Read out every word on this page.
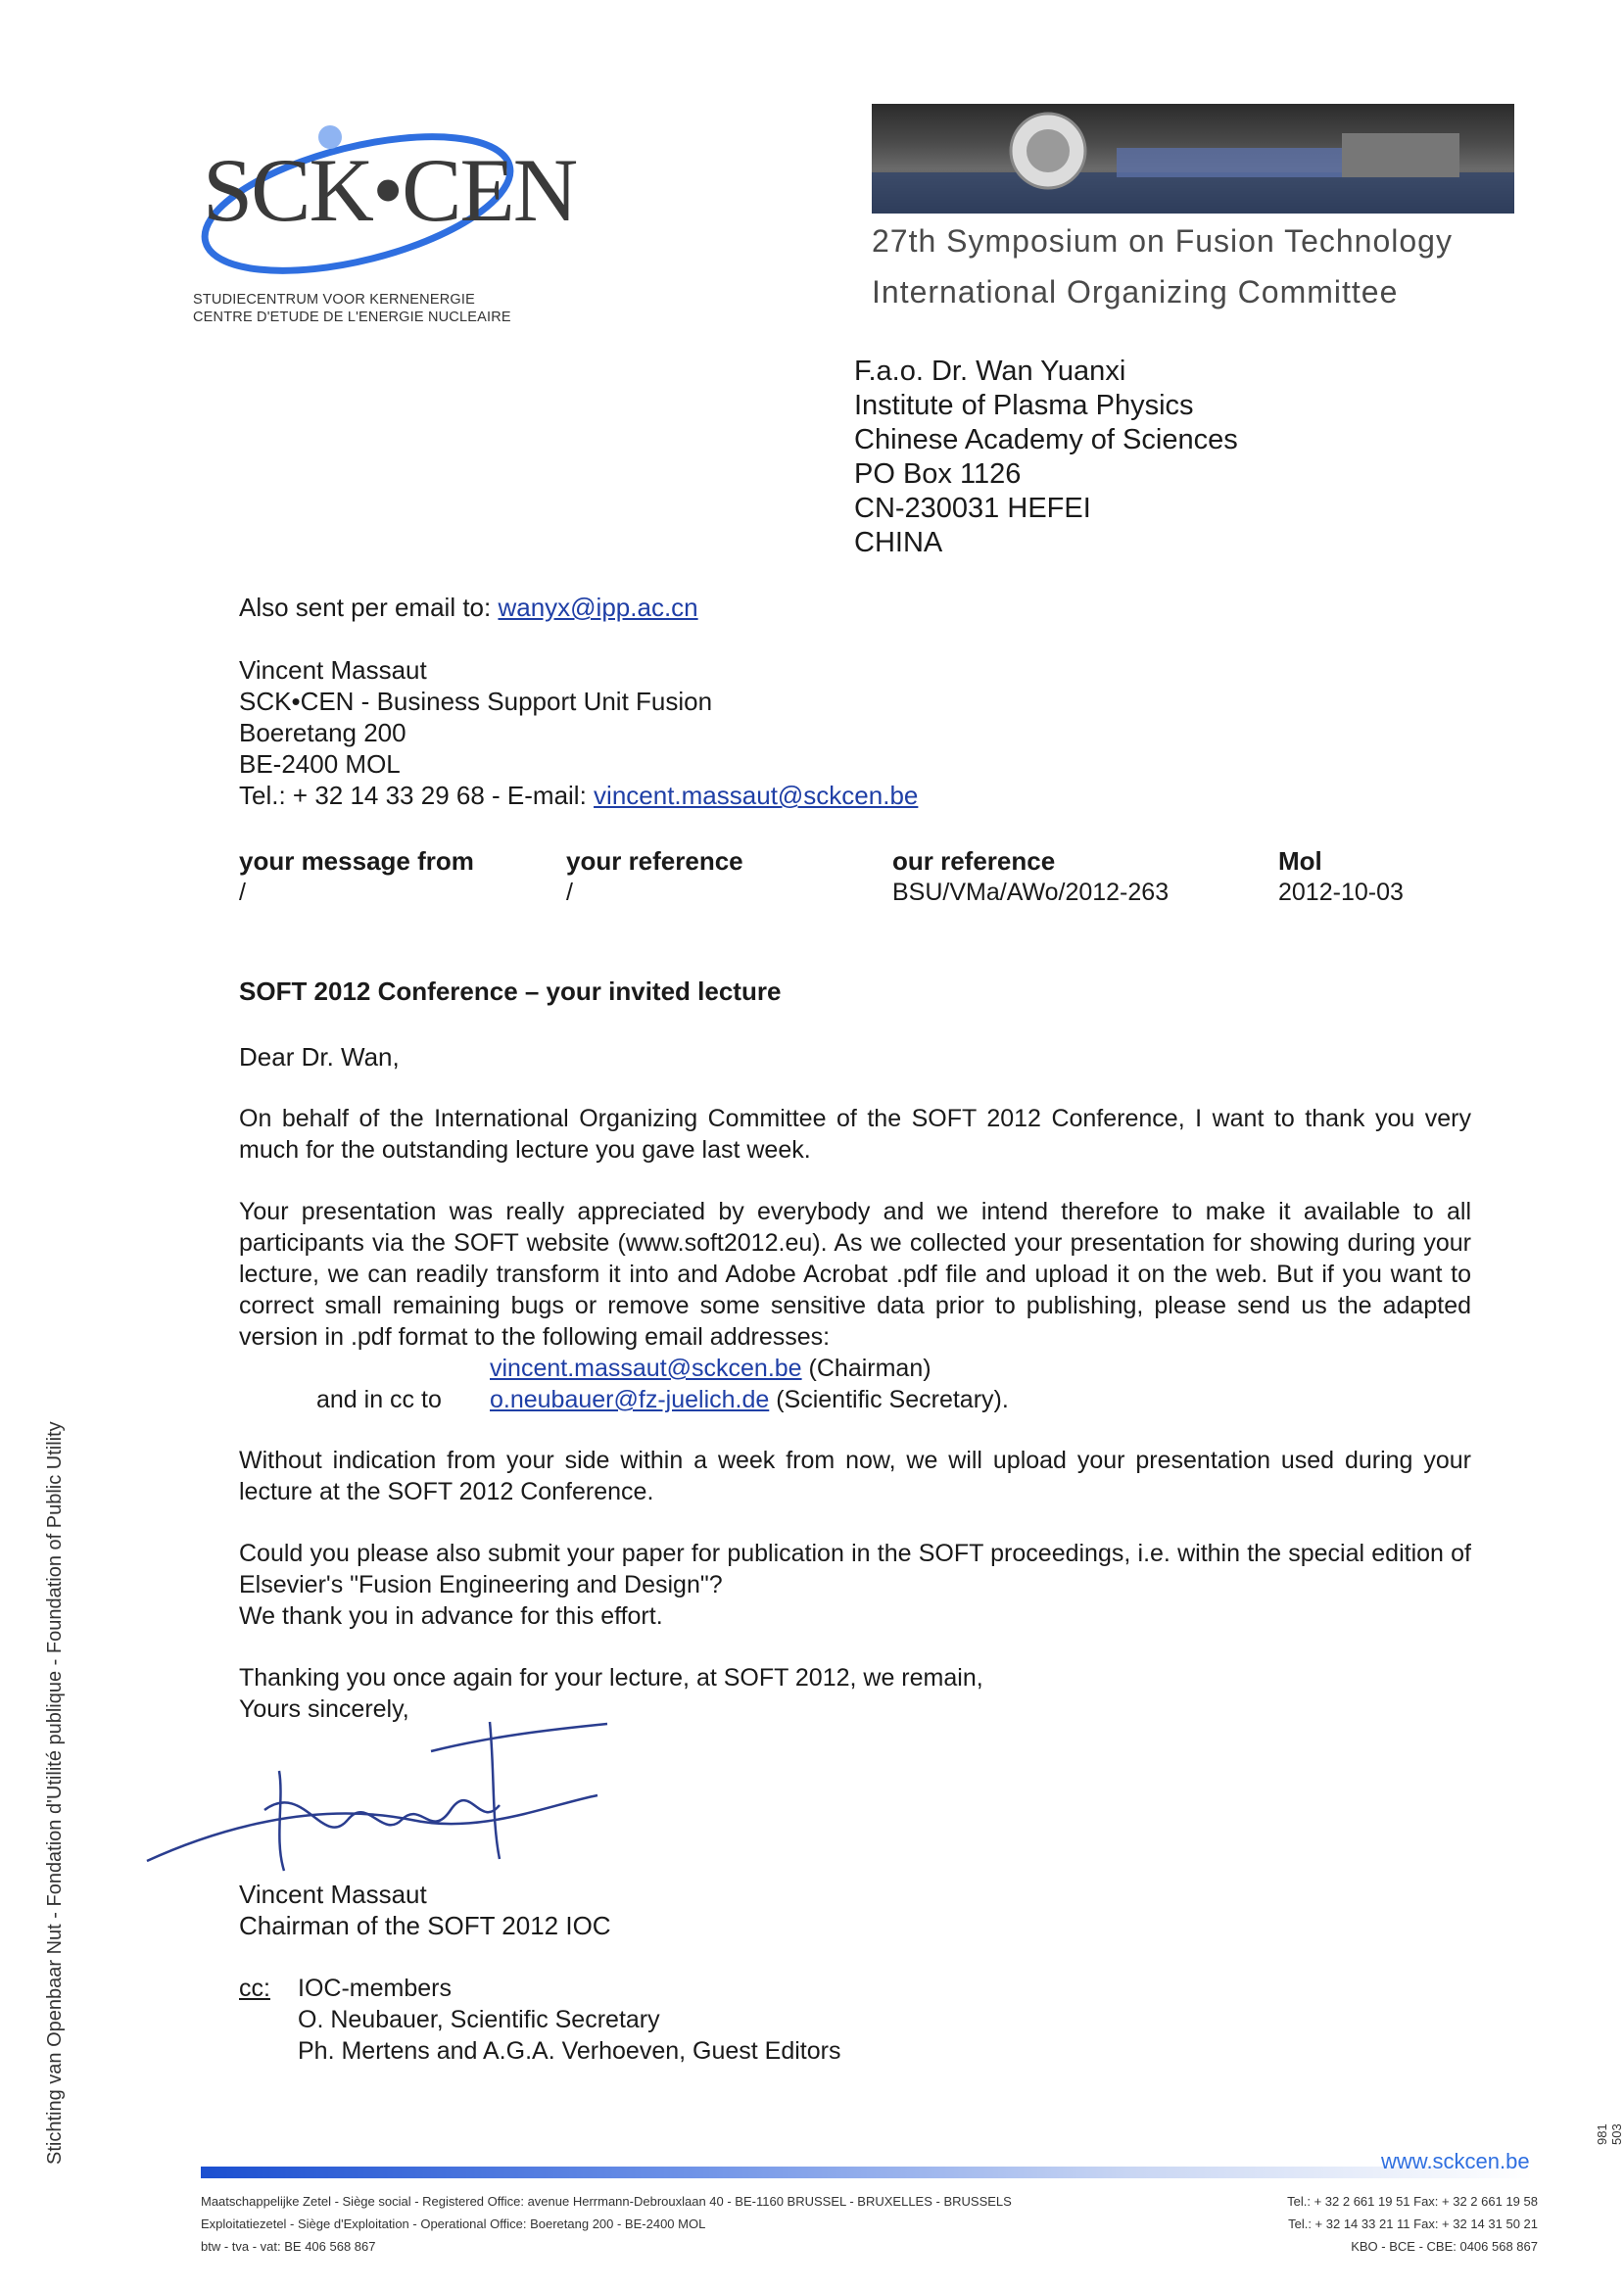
SCK•CEN
STUDIECENTRUM VOOR KERNENERGIE
CENTRE D'ETUDE DE L'ENERGIE NUCLEAIRE
27th Symposium on Fusion Technology
International Organizing Committee
F.a.o. Dr. Wan Yuanxi
Institute of Plasma Physics
Chinese Academy of Sciences
PO Box 1126
CN-230031 HEFEI
CHINA
Also sent per email to: wanyx@ipp.ac.cn
Vincent Massaut
SCK•CEN - Business Support Unit Fusion
Boeretang 200
BE-2400 MOL
Tel.: + 32 14 33 29 68 - E-mail: vincent.massaut@sckcen.be
your message from
/
your reference
/
our reference
BSU/VMa/AWo/2012-263
Mol
2012-10-03
SOFT 2012 Conference – your invited lecture
Dear Dr. Wan,
On behalf of the International Organizing Committee of the SOFT 2012 Conference, I want to thank you very much for the outstanding lecture you gave last week.
Your presentation was really appreciated by everybody and we intend therefore to make it available to all participants via the SOFT website (www.soft2012.eu). As we collected your presentation for showing during your lecture, we can readily transform it into and Adobe Acrobat .pdf file and upload it on the web. But if you want to correct small remaining bugs or remove some sensitive data prior to publishing, please send us the adapted version in .pdf format to the following email addresses:
vincent.massaut@sckcen.be (Chairman)
and in cc to o.neubauer@fz-juelich.de (Scientific Secretary).
Without indication from your side within a week from now, we will upload your presentation used during your lecture at the SOFT 2012 Conference.
Could you please also submit your paper for publication in the SOFT proceedings, i.e. within the special edition of Elsevier's "Fusion Engineering and Design"?
We thank you in advance for this effort.
Thanking you once again for your lecture, at SOFT 2012, we remain,
Yours sincerely,
Vincent Massaut
Chairman of the SOFT 2012 IOC
cc: IOC-members
O. Neubauer, Scientific Secretary
Ph. Mertens and A.G.A. Verhoeven, Guest Editors
Stichting van Openbaar Nut - Fondation d'Utilité publique - Foundation of Public Utility	981 503
www.sckcen.be
Maatschappelijke Zetel - Siège social - Registered Office: avenue Herrmann-Debrouxlaan 40 - BE-1160 BRUSSEL - BRUXELLES - BRUSSELS
Exploitatiezetel - Siège d'Exploitation - Operational Office: Boeretang 200 - BE-2400 MOL
btw - tva - vat: BE 406 568 867
Tel.: + 32 2 661 19 51 Fax: + 32 2 661 19 58
Tel.: + 32 14 33 21 11 Fax: + 32 14 31 50 21
KBO - BCE - CBE: 0406 568 867
